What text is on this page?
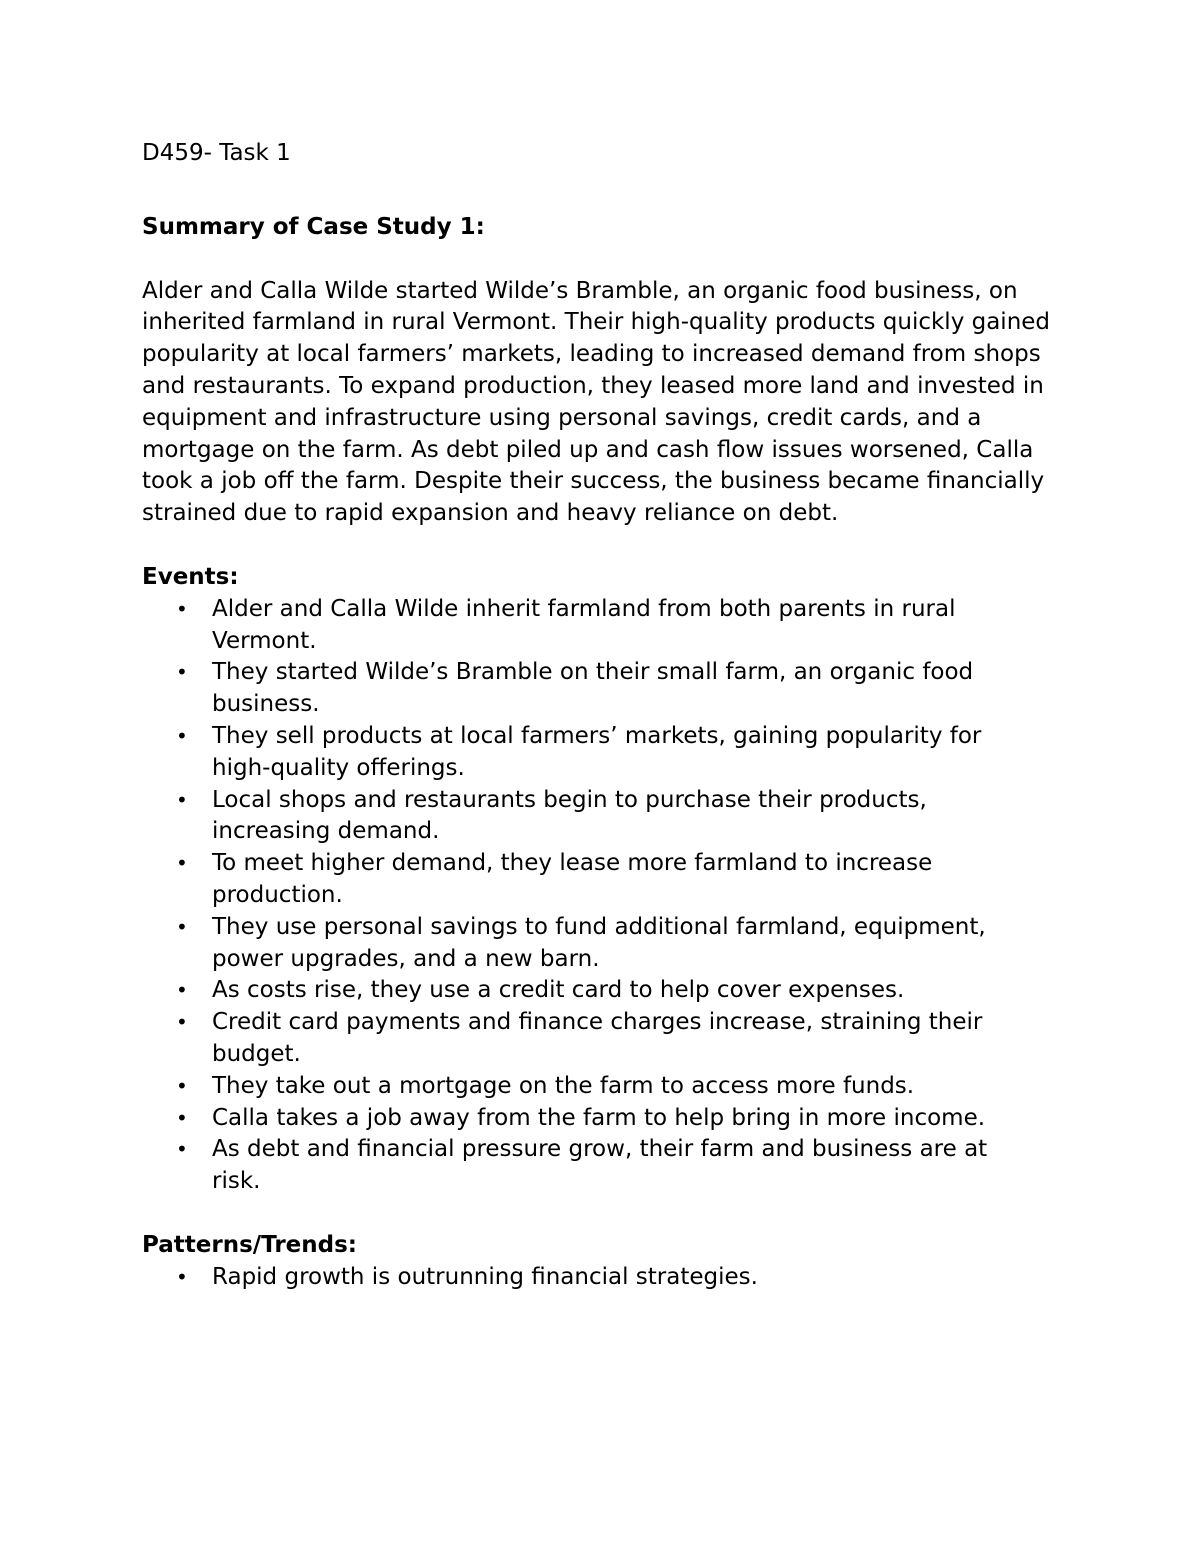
D459- Task 1

Summary of Case Study 1:

Alder and Calla Wilde started Wilde’s Bramble, an organic food business, on inherited farmland in rural Vermont. Their high-quality products quickly gained popularity at local farmers’ markets, leading to increased demand from shops and restaurants. To expand production, they leased more land and invested in equipment and infrastructure using personal savings, credit cards, and a mortgage on the farm. As debt piled up and cash flow issues worsened, Calla took a job off the farm. Despite their success, the business became financially strained due to rapid expansion and heavy reliance on debt.

Events:

• Alder and Calla Wilde inherit farmland from both parents in rural Vermont.
• They started Wilde’s Bramble on their small farm, an organic food business.
• They sell products at local farmers’ markets, gaining popularity for high-quality offerings.
• Local shops and restaurants begin to purchase their products, increasing demand.
• To meet higher demand, they lease more farmland to increase production.
• They use personal savings to fund additional farmland, equipment, power upgrades, and a new barn.
• As costs rise, they use a credit card to help cover expenses.
• Credit card payments and finance charges increase, straining their budget.
• They take out a mortgage on the farm to access more funds.
• Calla takes a job away from the farm to help bring in more income.
• As debt and financial pressure grow, their farm and business are at risk.

Patterns/Trends:

• Rapid growth is outrunning financial strategies.
